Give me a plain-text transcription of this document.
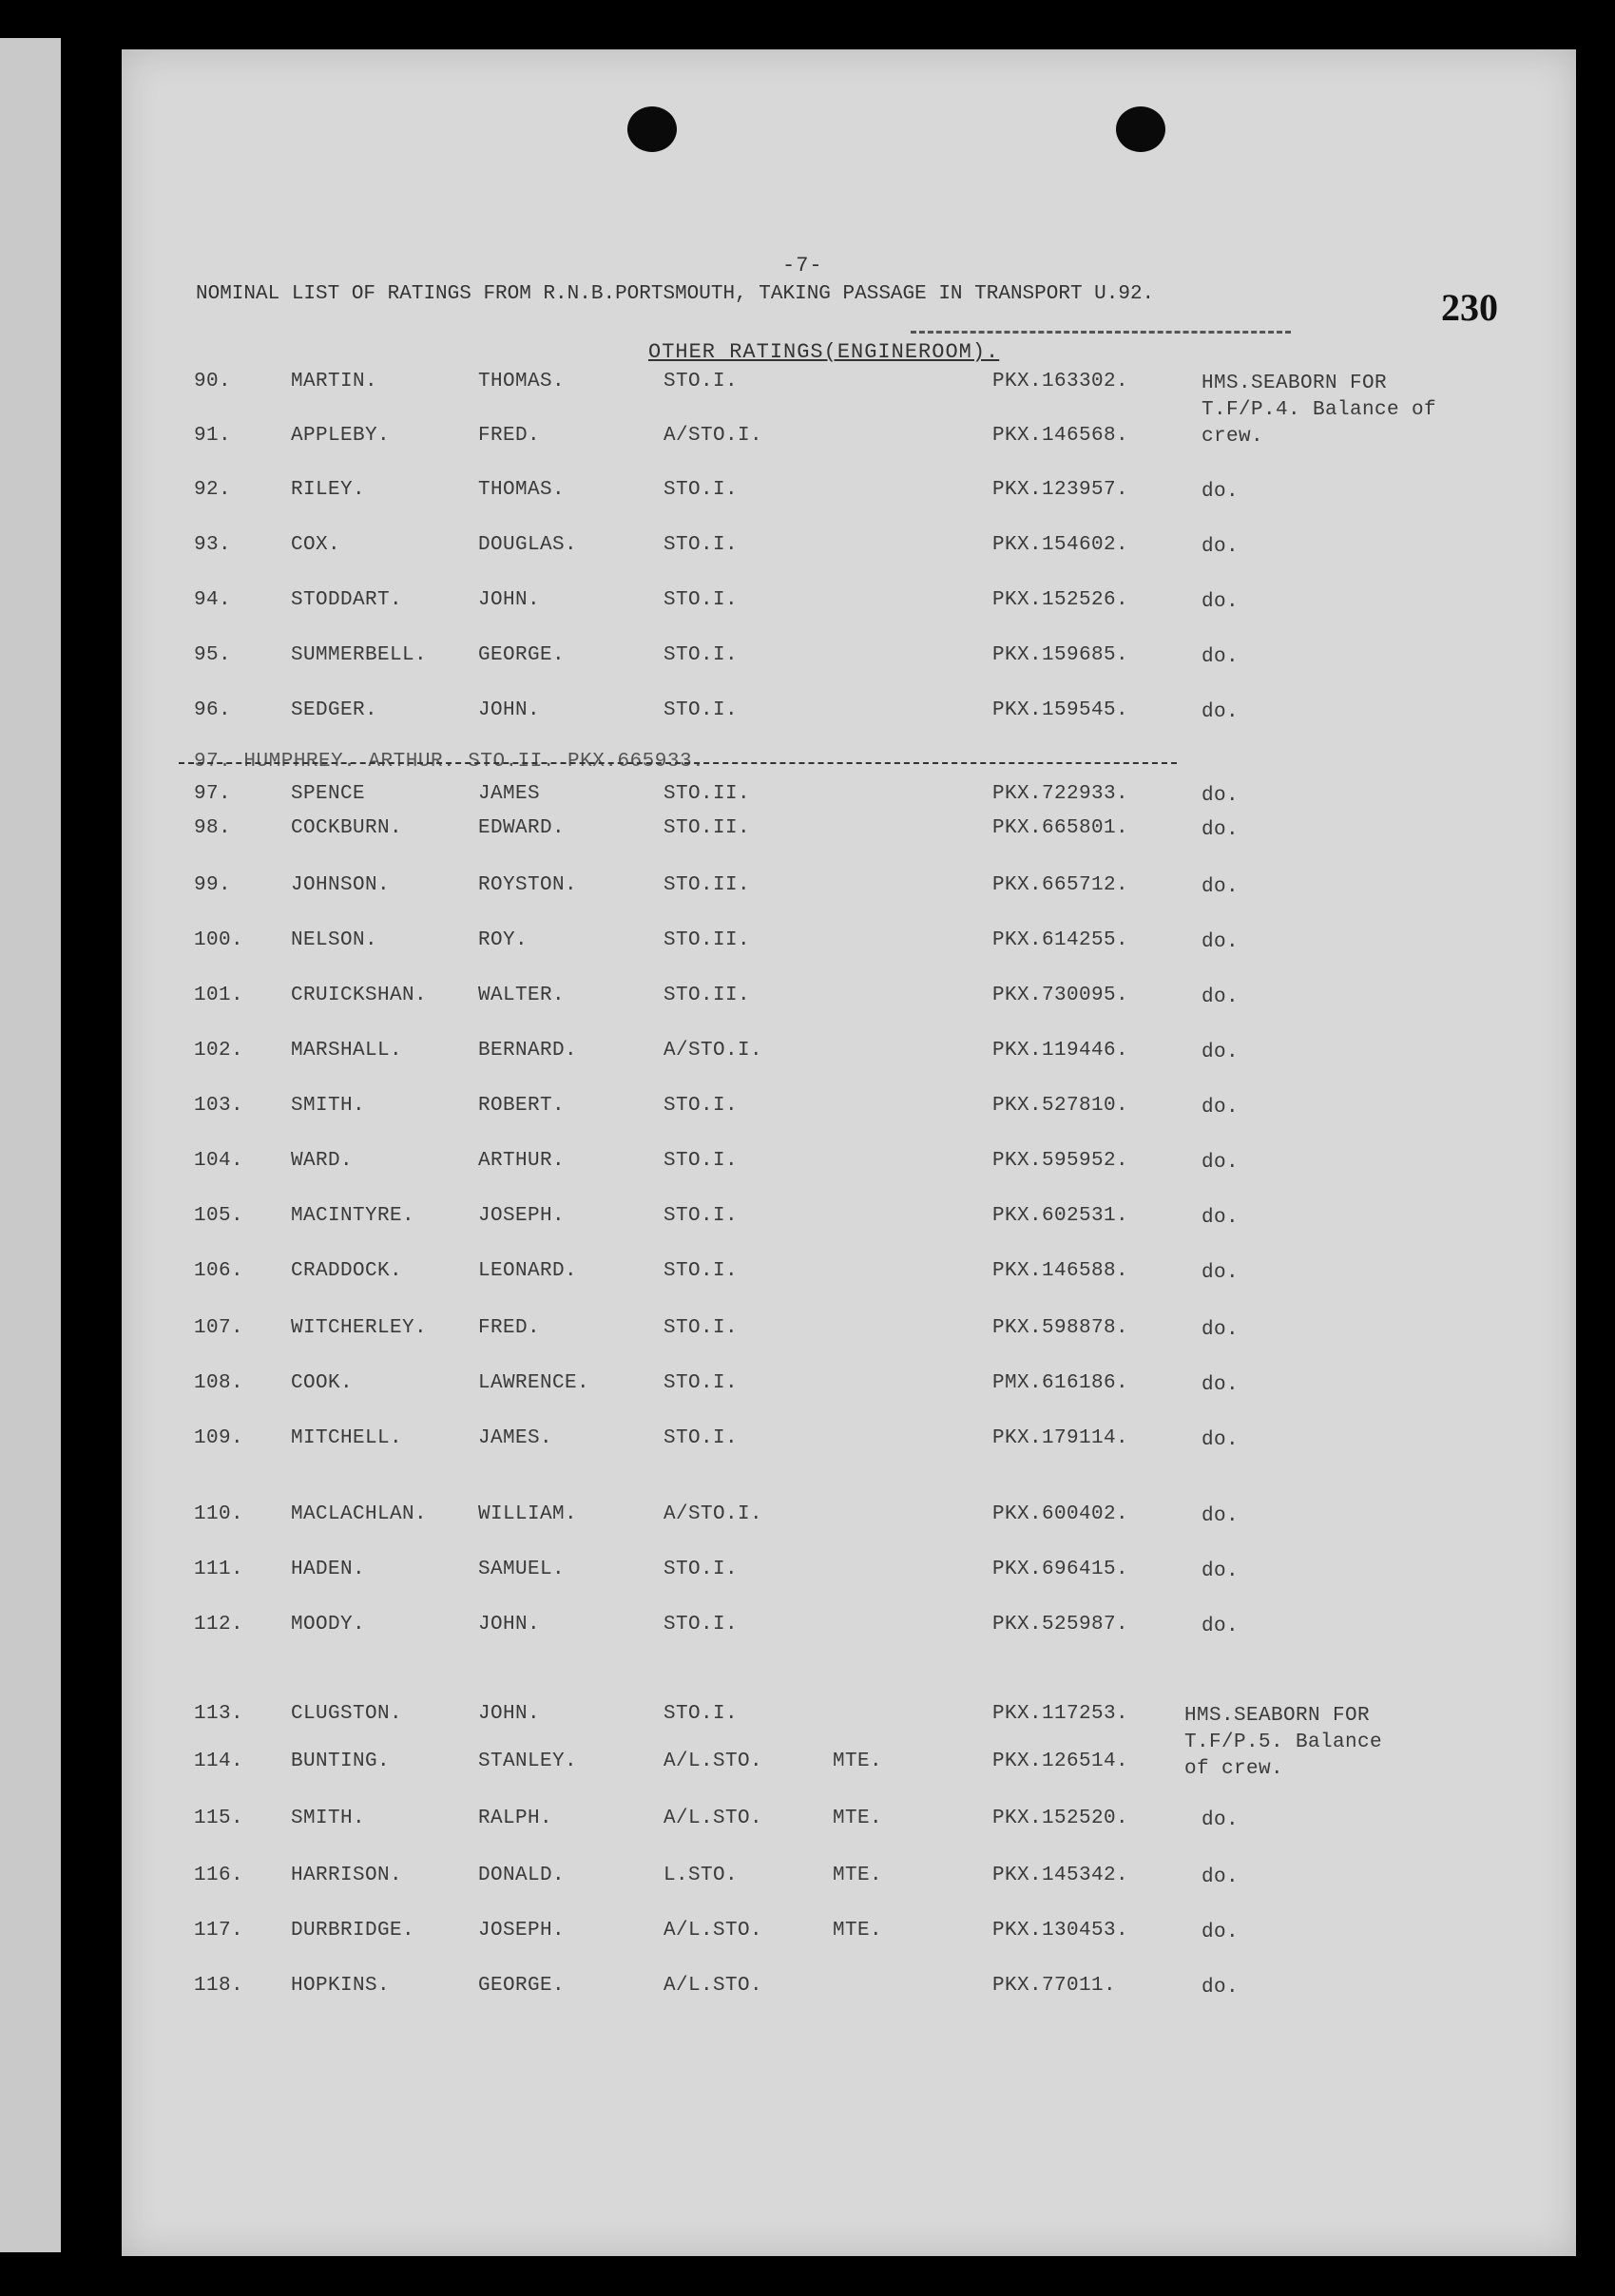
-7-
NOMINAL LIST OF RATINGS FROM R.N.B.PORTSMOUTH, TAKING PASSAGE IN TRANSPORT U.92.	230
OTHER RATINGS(ENGINEROOM).
97. HUMPHREY. ARTHUR. STO.II. PKX.665933.
90.	MARTIN.	THOMAS.	STO.I.	PKX.163302.	HMS.SEABORN FOR
T.F/P.4. Balance of
crew.
91.	APPLEBY.	FRED.	A/STO.I.	PKX.146568.
92.	RILEY.	THOMAS.	STO.I.	PKX.123957.	do.
93.	COX.	DOUGLAS.	STO.I.	PKX.154602.	do.
94.	STODDART.	JOHN.	STO.I.	PKX.152526.	do.
95.	SUMMERBELL.	GEORGE.	STO.I.	PKX.159685.	do.
96.	SEDGER.	JOHN.	STO.I.	PKX.159545.	do.
97.	SPENCE	JAMES	STO.II.	PKX.722933.	do.
98.	COCKBURN.	EDWARD.	STO.II.	PKX.665801.	do.
99.	JOHNSON.	ROYSTON.	STO.II.	PKX.665712.	do.
100. NELSON.	ROY.	STO.II.	PKX.614255.	do.
101. CRUICKSHAN.	WALTER.	STO.II.	PKX.730095.	do.
102. MARSHALL.	BERNARD.	A/STO.I.	PKX.119446.	do.
103. SMITH.	ROBERT.	STO.I.	PKX.527810.	do.
104. WARD.	ARTHUR.	STO.I.	PKX.595952.	do.
105. MACINTYRE.	JOSEPH.	STO.I.	PKX.602531.	do.
106. CRADDOCK.	LEONARD.	STO.I.	PKX.146588.	do.
107. WITCHERLEY.	FRED.	STO.I.	PKX.598878.	do.
108. COOK.	LAWRENCE.	STO.I.	PMX.616186.	do.
109. MITCHELL.	JAMES.	STO.I.	PKX.179114.	do.
110. MACLACHLAN.	WILLIAM.	A/STO.I.	PKX.600402.	do.
111. HADEN.	SAMUEL.	STO.I.	PKX.696415.	do.
112. MOODY.	JOHN.	STO.I.	PKX.525987.	do.
113. CLUGSTON.	JOHN.	STO.I.	PKX.117253.	HMS.SEABORN FOR
T.F/P.5. Balance
of crew.
114. BUNTING.	STANLEY.	A/L.STO.	MTE.	PKX.126514.
115. SMITH.	RALPH.	A/L.STO.	MTE.	PKX.152520.	do.
116. HARRISON.	DONALD.	L.STO.	MTE.	PKX.145342.	do.
117. DURBRIDGE.	JOSEPH.	A/L.STO.	MTE.	PKX.130453.	do.
118. HOPKINS.	GEORGE.	A/L.STO.	PKX.77011.	do.
